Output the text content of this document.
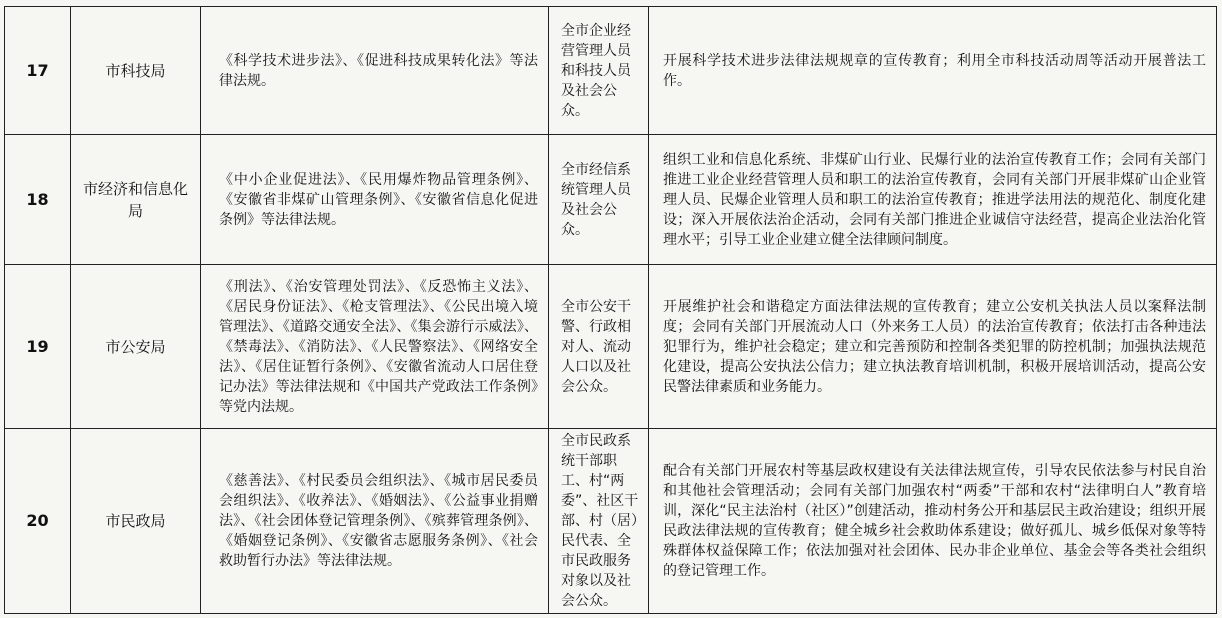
17	市科技局	《科学技术进步法》、《促进科技成果转化法》等法律法规。	全市企业经营管理人员和科技人员及社会公众。	开展科学技术进步法律法规规章的宣传教育；利用全市科技活动周等活动开展普法工作。
18	市经济和信息化局	《中小企业促进法》、《民用爆炸物品管理条例》、《安徽省非煤矿山管理条例》、《安徽省信息化促进条例》等法律法规。	全市经信系统管理人员及社会公众。	组织工业和信息化系统、非煤矿山行业、民爆行业的法治宣传教育工作；会同有关部门推进工业企业经营管理人员和职工的法治宣传教育，会同有关部门开展非煤矿山企业管理人员、民爆企业管理人员和职工的法治宣传教育；推进学法用法的规范化、制度化建设；深入开展依法治企活动，会同有关部门推进企业诚信守法经营，提高企业法治化管理水平；引导工业企业建立健全法律顾问制度。
19	市公安局	《刑法》、《治安管理处罚法》、《反恐怖主义法》、《居民身份证法》、《枪支管理法》、《公民出境入境管理法》、《道路交通安全法》、《集会游行示威法》、《禁毒法》、《消防法》、《人民警察法》、《网络安全法》、《居住证暂行条例》、《安徽省流动人口居住登记办法》等法律法规和《中国共产党政法工作条例》等党内法规。	全市公安干警、行政相对人、流动人口以及社会公众。	开展维护社会和谐稳定方面法律法规的宣传教育；建立公安机关执法人员以案释法制度；会同有关部门开展流动人口（外来务工人员）的法治宣传教育；依法打击各种违法犯罪行为，维护社会稳定；建立和完善预防和控制各类犯罪的防控机制；加强执法规范化建设，提高公安执法公信力；建立执法教育培训机制，积极开展培训活动，提高公安民警法律素质和业务能力。
20	市民政局	《慈善法》、《村民委员会组织法》、《城市居民委员会组织法》、《收养法》、《婚姻法》、《公益事业捐赠法》、《社会团体登记管理条例》、《殡葬管理条例》、《婚姻登记条例》、《安徽省志愿服务条例》、《社会救助暂行办法》等法律法规。	全市民政系统干部职工、村“两委”、社区干部、村（居）民代表、全市民政服务对象以及社会公众。	配合有关部门开展农村等基层政权建设有关法律法规宣传，引导农民依法参与村民自治和其他社会管理活动；会同有关部门加强农村“两委”干部和农村“法律明白人”教育培训，深化“民主法治村（社区）”创建活动，推动村务公开和基层民主政治建设；组织开展民政法律法规的宣传教育；健全城乡社会救助体系建设；做好孤儿、城乡低保对象等特殊群体权益保障工作；依法加强对社会团体、民办非企业单位、基金会等各类社会组织的登记管理工作。
